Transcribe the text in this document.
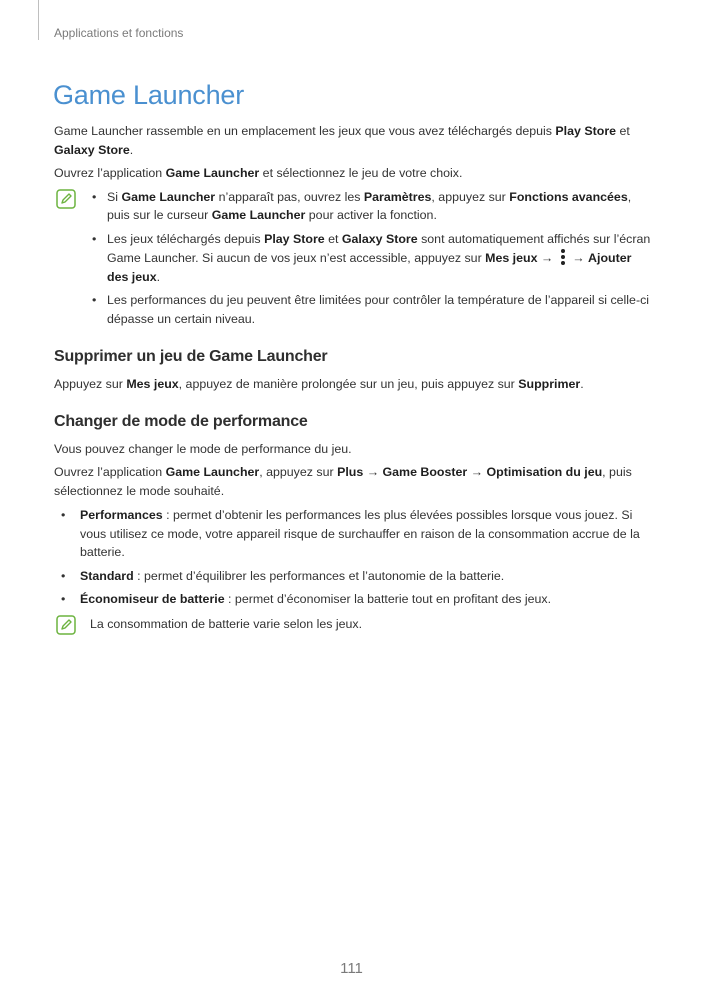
Applications et fonctions
Game Launcher

Game Launcher rassemble en un emplacement les jeux que vous avez téléchargés depuis Play Store et Galaxy Store.

Ouvrez l’application Game Launcher et sélectionnez le jeu de votre choix.

• Si Game Launcher n’apparaît pas, ouvrez les Paramètres, appuyez sur Fonctions avancées, puis sur le curseur Game Launcher pour activer la fonction.
• Les jeux téléchargés depuis Play Store et Galaxy Store sont automatiquement affichés sur l’écran Game Launcher. Si aucun de vos jeux n’est accessible, appuyez sur Mes jeux →  → Ajouter des jeux.
• Les performances du jeu peuvent être limitées pour contrôler la température de l’appareil si celle-ci dépasse un certain niveau.
Supprimer un jeu de Game Launcher

Appuyez sur Mes jeux, appuyez de manière prolongée sur un jeu, puis appuyez sur Supprimer.

Changer de mode de performance

Vous pouvez changer le mode de performance du jeu.

Ouvrez l’application Game Launcher, appuyez sur Plus → Game Booster → Optimisation du jeu, puis sélectionnez le mode souhaité.

• Performances : permet d’obtenir les performances les plus élevées possibles lorsque vous jouez. Si vous utilisez ce mode, votre appareil risque de surchauffer en raison de la consommation accrue de la batterie.
• Standard : permet d’équilibrer les performances et l’autonomie de la batterie.
• Économiseur de batterie : permet d’économiser la batterie tout en profitant des jeux.
La consommation de batterie varie selon les jeux.
111
